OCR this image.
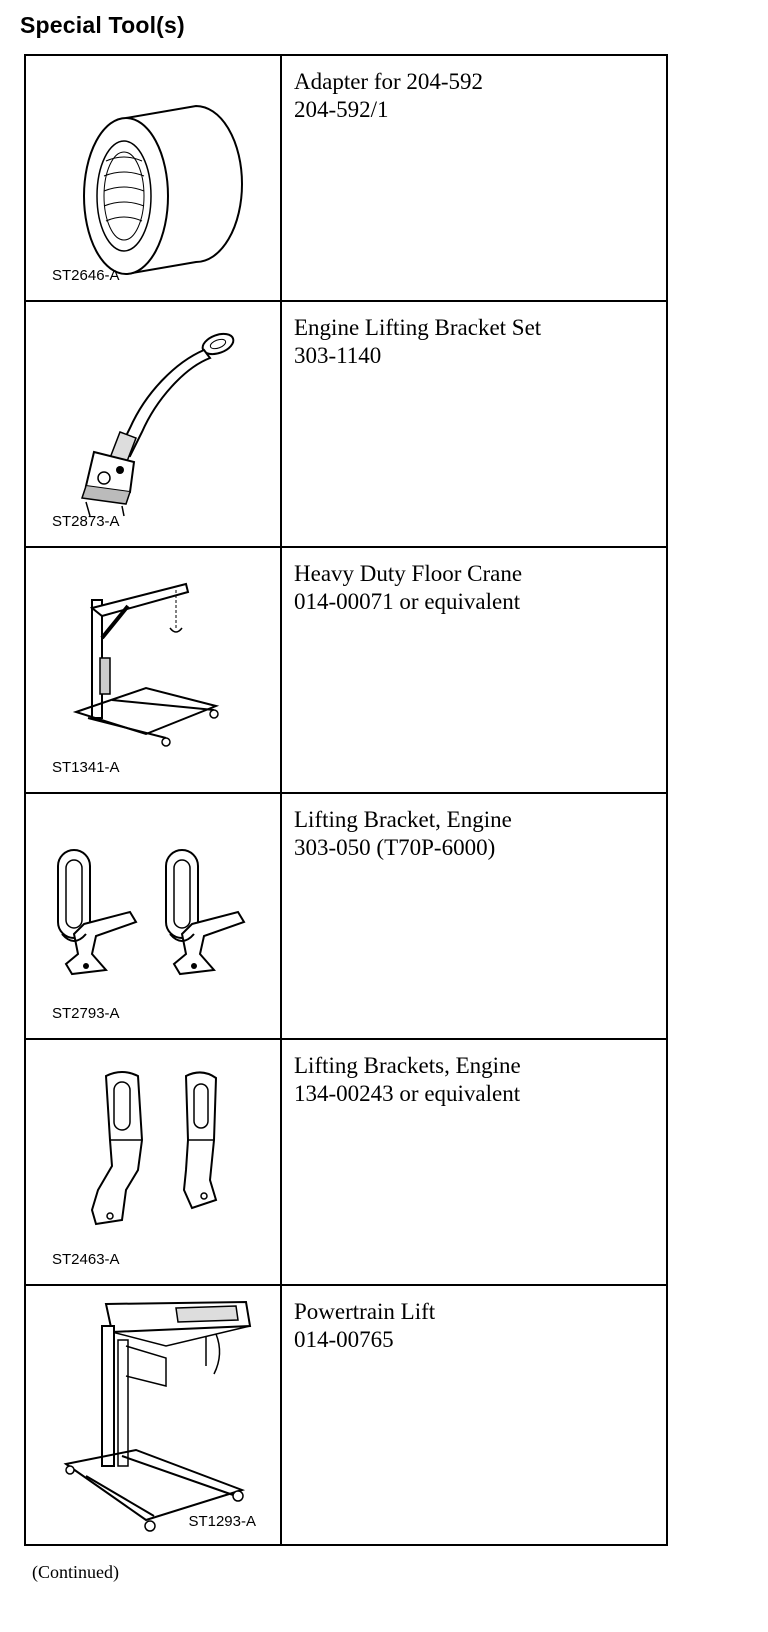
Special Tool(s)
ST2646-A	Adapter for 204-592
204-592/1

ST2873-A	Engine Lifting Bracket Set
303-1140

ST1341-A	Heavy Duty Floor Crane
014-00071 or equivalent

ST2793-A	Lifting Bracket, Engine
303-050 (T70P-6000)

ST2463-A	Lifting Brackets, Engine
134-00243 or equivalent

ST1293-A	Powertrain Lift
014-00765
(Continued)
